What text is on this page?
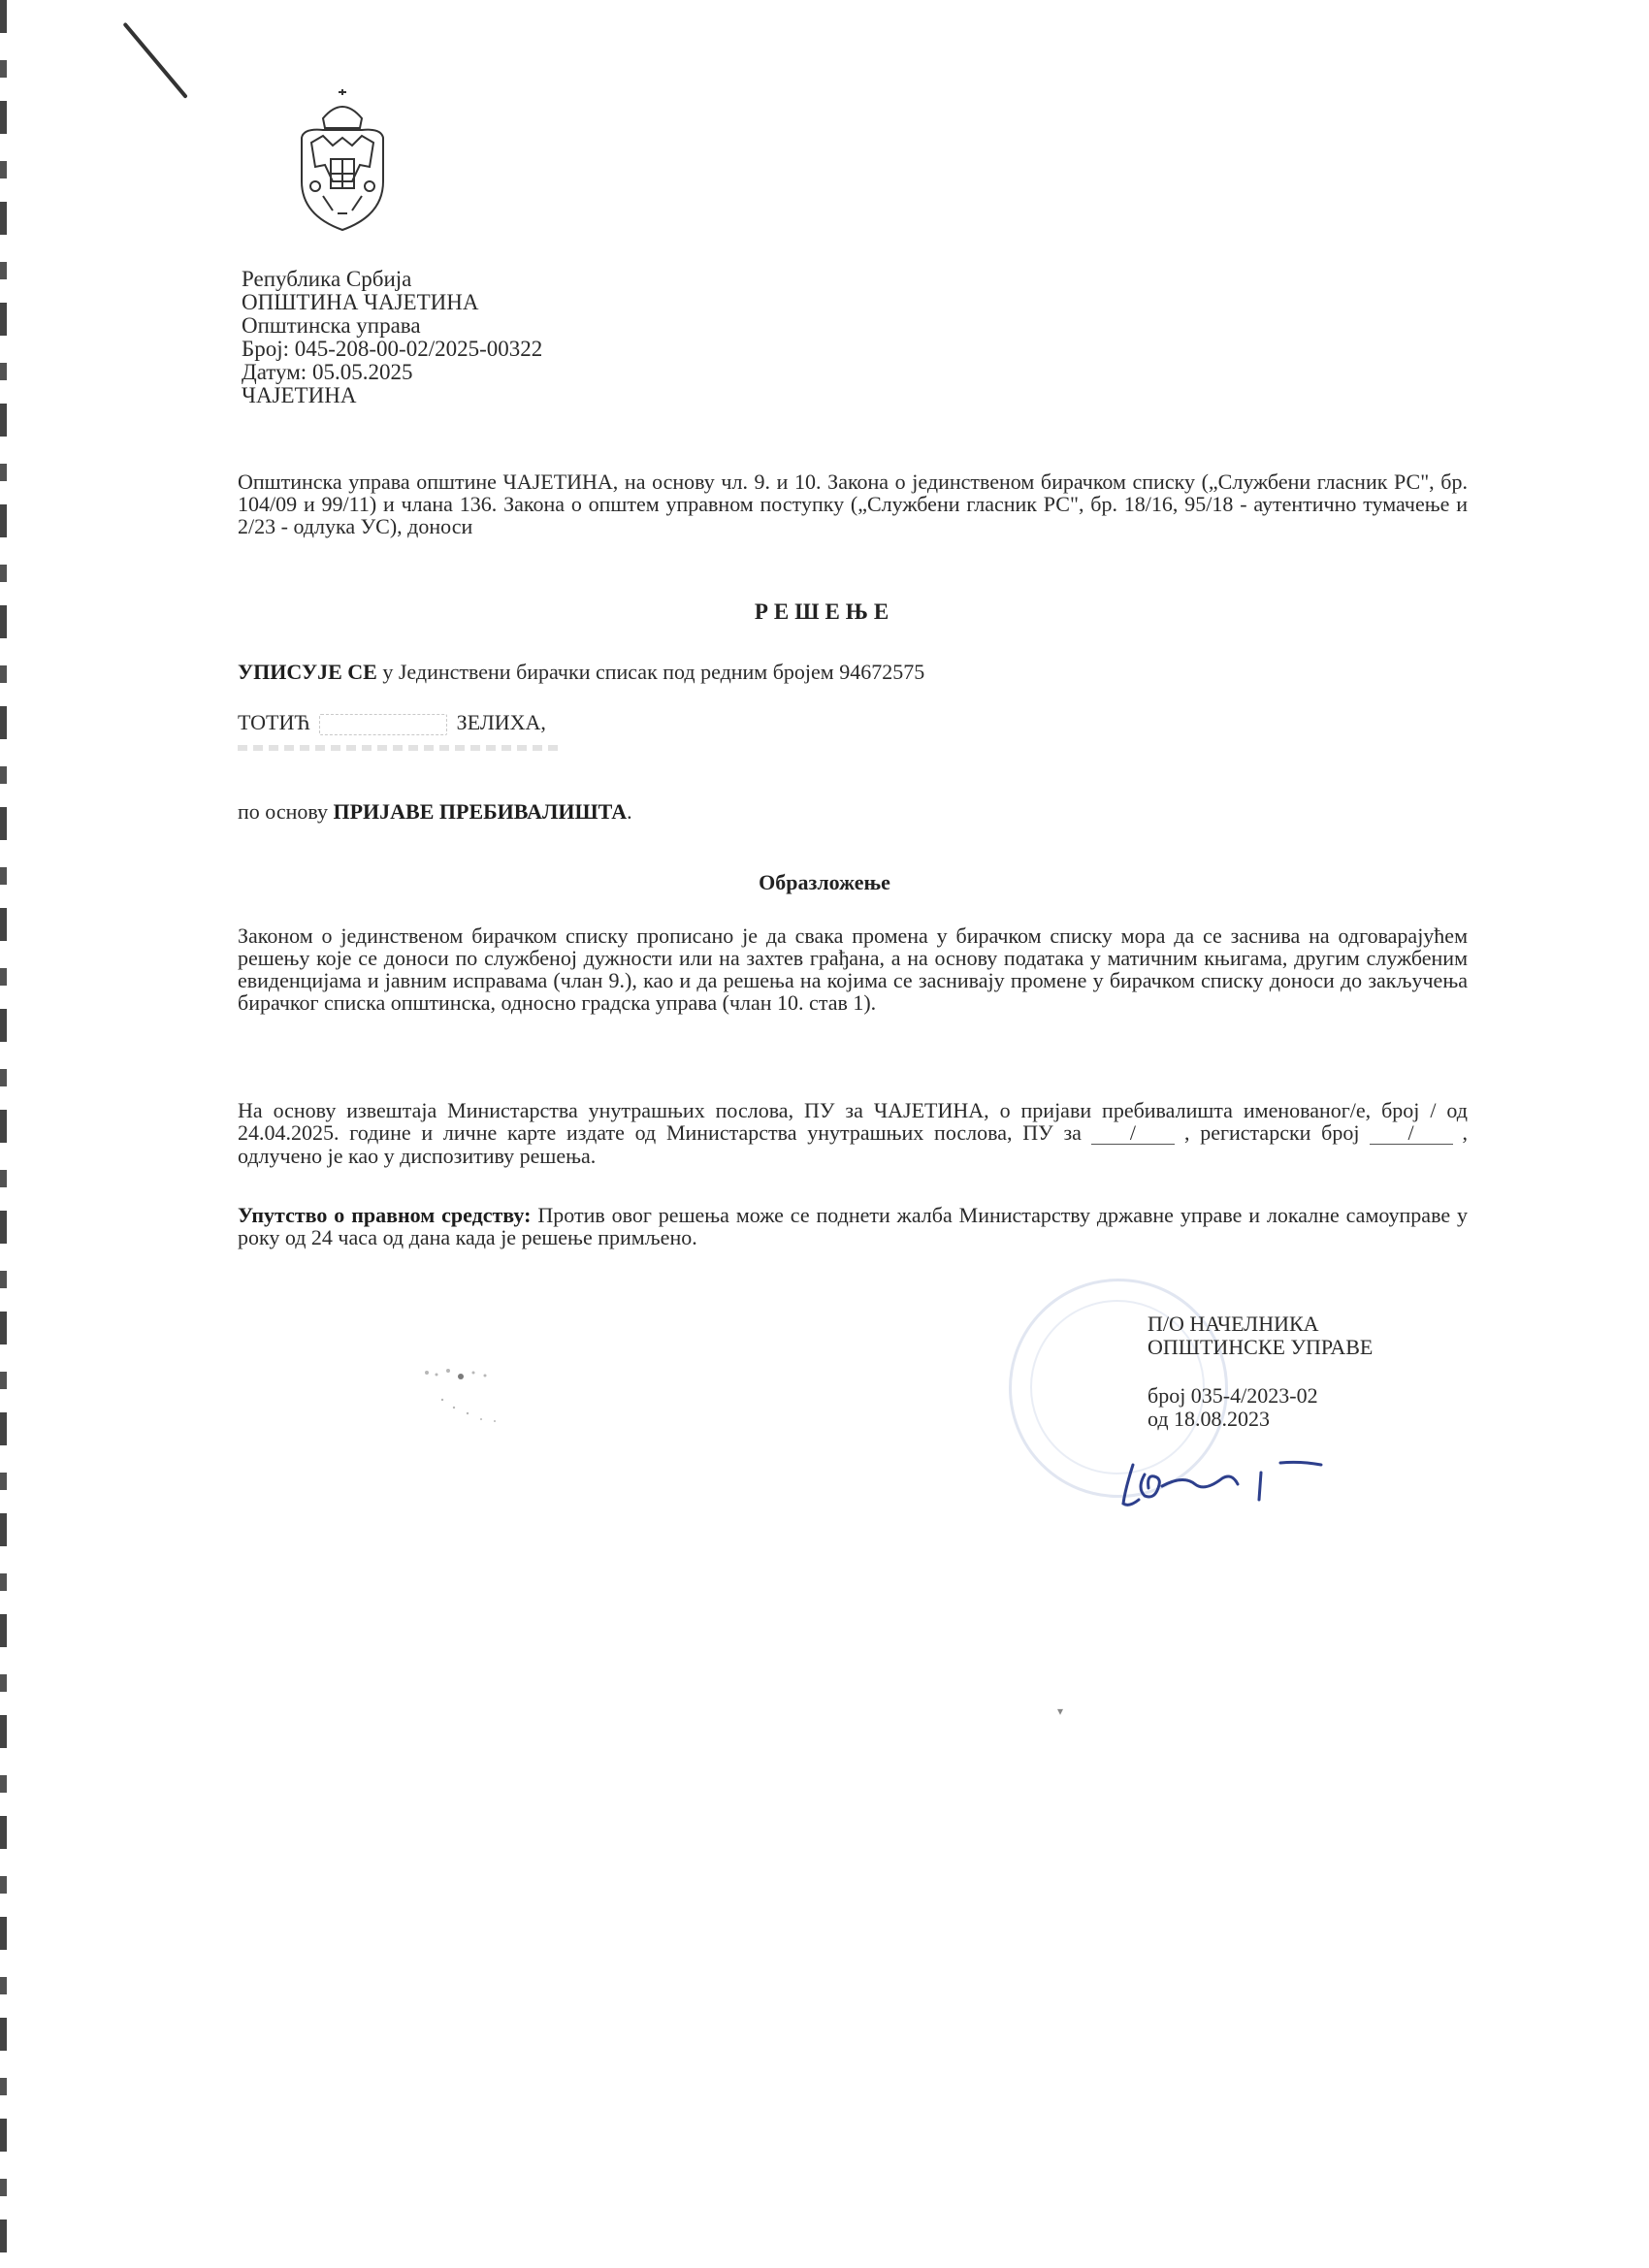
Република Србија
ОПШТИНА ЧАЈЕТИНА
Општинска управа
Број: 045-208-00-02/2025-00322
Датум: 05.05.2025
ЧАЈЕТИНА
Општинска управа општине ЧАЈЕТИНА, на основу чл. 9. и 10. Закона о јединственом бирачком списку („Службени гласник РС", бр. 104/09 и 99/11) и члана 136. Закона о општем управном поступку („Службени гласник РС", бр. 18/16, 95/18 - аутентично тумачење и 2/23 - одлука УС), доноси
РЕШЕЊЕ
УПИСУЈЕ СЕ у Јединствени бирачки списак под редним бројем 94672575
ТОТИЋ	ЗЕЛИХА,
по основу ПРИЈАВЕ ПРЕБИВАЛИШТА.
Образложење
Законом о јединственом бирачком списку прописано је да свака промена у бирачком списку мора да се заснива на одговарајућем решењу које се доноси по службеној дужности или на захтев грађана, а на основу података у матичним књигама, другим службеним евиденцијама и јавним исправама (члан 9.), као и да решења на којима се заснивају промене у бирачком списку доноси до закључења бирачког списка општинска, односно градска управа (члан 10. став 1).
На основу извештаја Министарства унутрашњих послова, ПУ за ЧАЈЕТИНА, о пријави пребивалишта именованог/е, број / од 24.04.2025. године и личне карте издате од Министарства унутрашњих послова, ПУ за / , регистарски број / , одлучено је као у диспозитиву решења.
Упутство о правном средству: Против овог решења може се поднети жалба Министарству државне управе и локалне самоуправе у року од 24 часа од дана када је решење примљено.
П/О НАЧЕЛНИКА
ОПШТИНСКЕ УПРАВЕ
број 035-4/2023-02
од 18.08.2023
▾
